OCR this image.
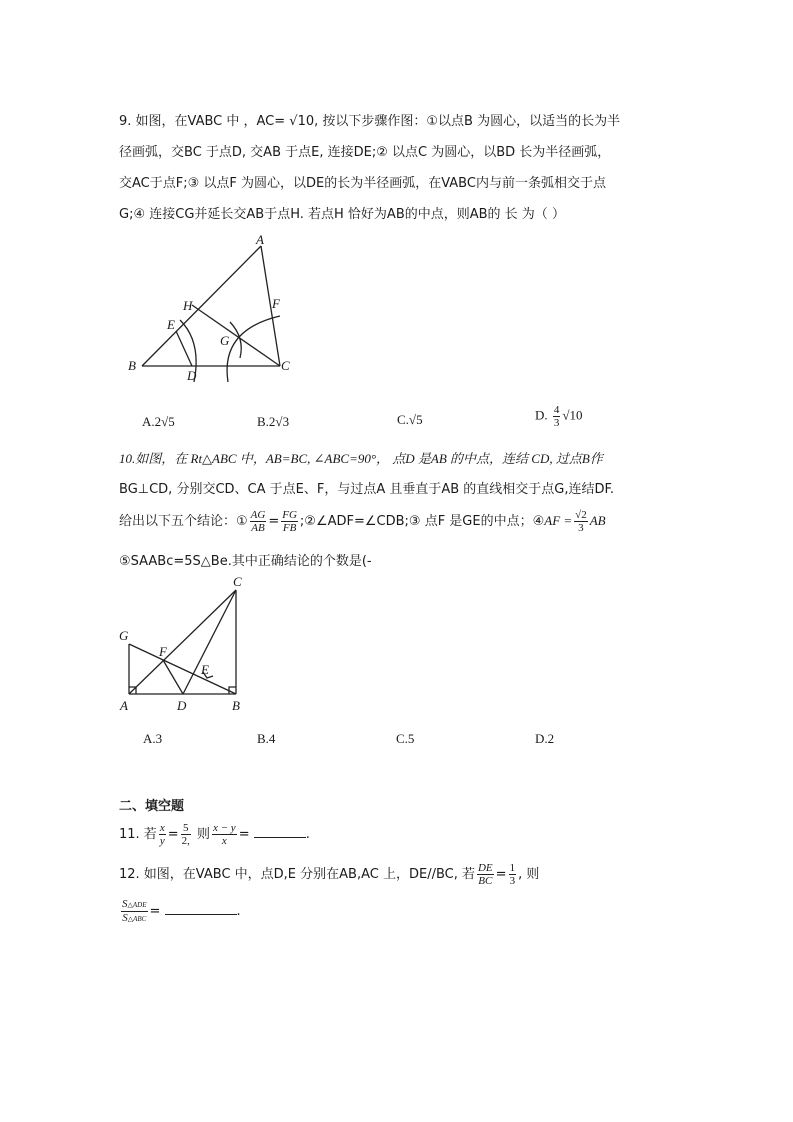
9. 如图，在VABC 中 ，AC= √10, 按以下步骤作图：①以点B 为圆心，以适当的长为半
径画弧，交BC 于点D, 交AB 于点E, 连接DE;② 以点C 为圆心，以BD 长为半径画弧，
交AC于点F;③ 以点F 为圆心，以DE的长为半径画弧，在VABC内与前一条弧相交于点
G;④ 连接CG并延长交AB于点H. 若点H 恰好为AB的中点，则AB的 长 为（ ）
A
H	F
E
G
B
D
C
A.2√5	B.2√3	C.√5	D. $\frac{4}{3} √10$
10.如图，在 Rt△ABC 中，AB=BC, ∠ABC=90°， 点D 是AB 的中点，连结 CD, 过点B作
BG⊥CD, 分别交CD、CA 于点E、F，与过点A 且垂直于AB 的直线相交于点G,连结DF.
给出以下五个结论：① $\frac{AG}{AB} = \frac{FG}{FB}$ ;②∠ADF=∠CDB;③ 点F 是GE的中点；④AF = $\frac{√2}{3}$ AB
⑤SAABc=5S△Be.其中正确结论的个数是(-
C
G
F
E
A	D	B
A.3	B.4	C.5	D.2
二、填空题
11. 若 $\frac{x}{y} = \frac{5}{2,}$ 则 $\frac{x - y}{x}$ =	.
12. 如图，在VABC 中，点D,E 分别在AB,AC 上，DE//BC, 若 $\frac{DE}{BC} = \frac{1}{3}$ , 则
$\frac{\text{S△ADE}}{\text{S△ABC}}$ =	.
